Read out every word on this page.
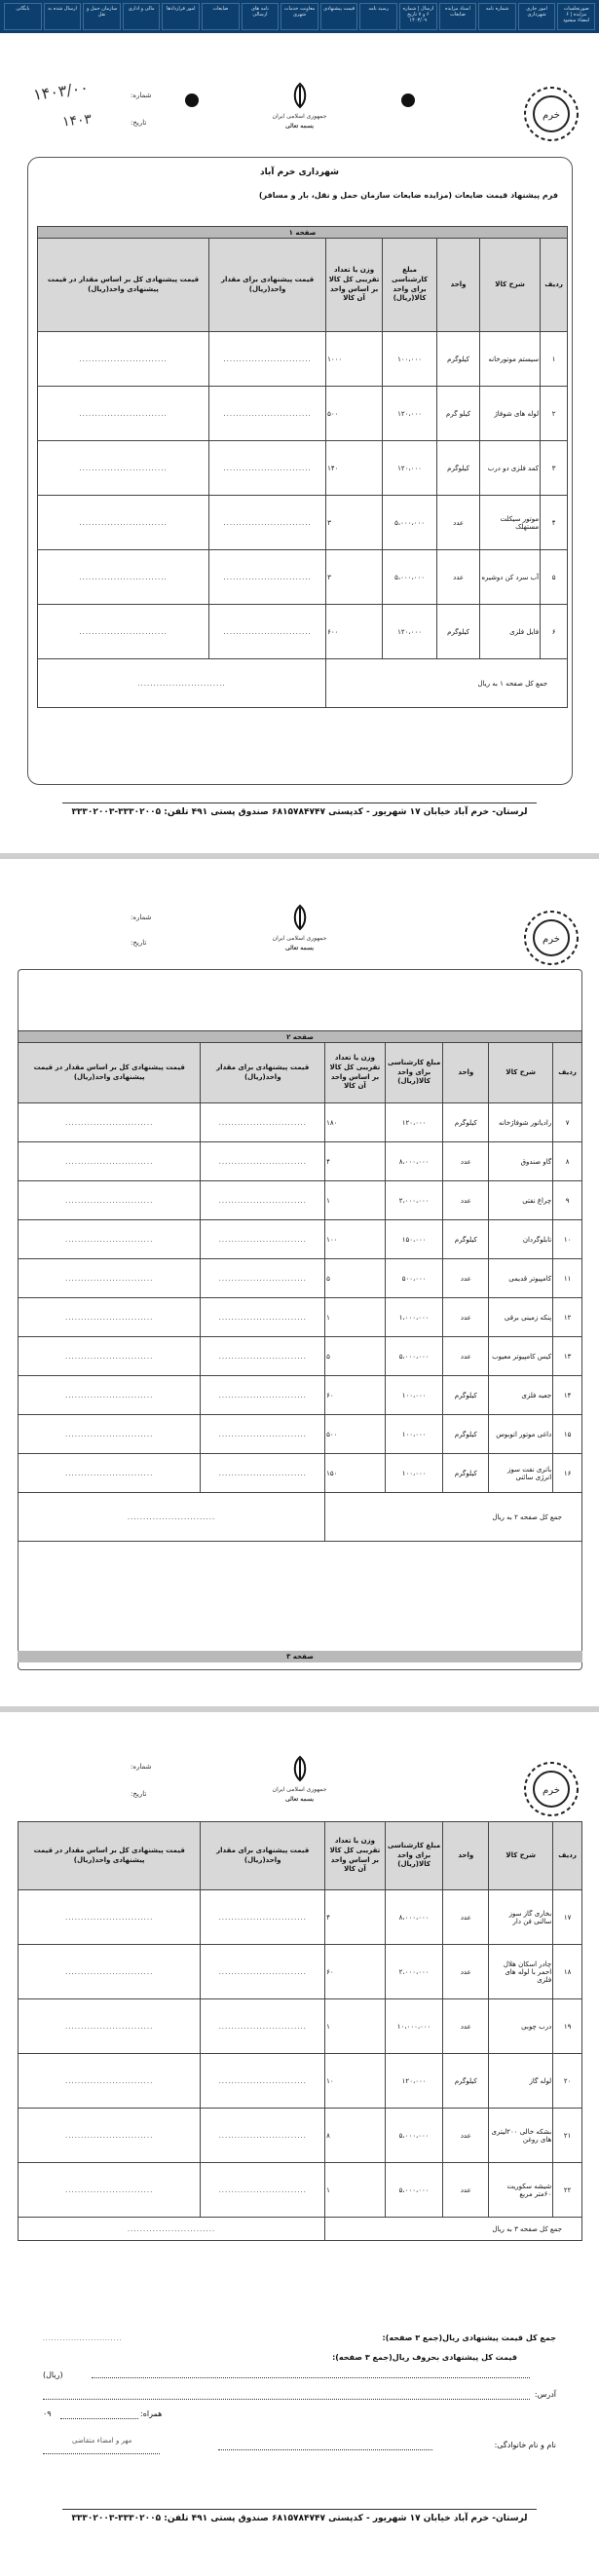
صورتجلسات مزایده | ۶ امضاء میشود
امور جاری شهرداری
شماره نامه
اسناد مزایده ضایعات
ارسال | شماره ۶ و ۷ تاریخ ۱۴۰۳/۰۹
رسید نامه
قیمت پیشنهادی
معاونت خدمات شهری
نامه های ارسالی
ضایعات
امور قراردادها
مالی و اداری
سازمان حمل و نقل
ارسال شده به
بایگانی
خرم
جمهوری اسلامی ایران
بسمه تعالی
شماره:
تاریخ:
۱۴۰۳/۰۰
۱۴۰۳
شهرداری خرم آباد
فرم پیشنهاد قیمت ضایعات (مزایده ضایعات سازمان حمل و نقل، بار و مسافر)
صفحه ۱						
ردیف	شرح کالا	واحد	مبلغ کارشناسی برای واحد کالا(ریال)	وزن یا تعداد تقریبی کل کالا بر اساس واحد آن کالا	قیمت پیشنهادی برای مقدار واحد(ریال)	قیمت پیشنهادی کل بر اساس مقدار در قیمت پیشنهادی واحد(ریال)
۱	سیستم موتورخانه	کیلوگرم	۱۰۰،۰۰۰	۱۰۰۰	............................	............................
۲	لوله های شوفاژ	کیلو گرم	۱۲۰،۰۰۰	۵۰۰	............................	............................
۳	کمد فلزی دو درب	کیلوگرم	۱۲۰،۰۰۰	۱۴۰	............................	............................
۴	موتور سیکلت مستهلک	عدد	۵،۰۰۰،۰۰۰	۳	............................	............................
۵	آب سرد کن دوشیره	عدد	۵،۰۰۰،۰۰۰	۳	............................	............................
۶	فایل فلزی	کیلوگرم	۱۲۰،۰۰۰	۶۰۰	............................	............................
جمع کل صفحه ۱ به ریال					............................	
لرستان- خرم آباد خیابان ۱۷ شهریور - کدپستی ۶۸۱۵۷۸۴۷۴۷ صندوق پستی ۴۹۱ تلفن: ۳۳۳۰۲۰۰۵-۳۳۳۰۲۰۰۳
خرم
جمهوری اسلامی ایران
بسمه تعالی
شماره:
تاریخ:
صفحه ۲						
ردیف	شرح کالا	واحد	مبلغ کارشناسی برای واحد کالا(ریال)	وزن یا تعداد تقریبی کل کالا بر اساس واحد آن کالا	قیمت پیشنهادی برای مقدار واحد(ریال)	قیمت پیشنهادی کل بر اساس مقدار در قیمت پیشنهادی واحد(ریال)
۷	رادیاتور شوفاژخانه	کیلوگرم	۱۲۰،۰۰۰	۱۸۰	............................	............................
۸	گاو صندوق	عدد	۸،۰۰۰،۰۰۰	۴	............................	............................
۹	چراغ نفتی	عدد	۲،۰۰۰،۰۰۰	۱	............................	............................
۱۰	تابلوگردان	کیلوگرم	۱۵۰،۰۰۰	۱۰۰	............................	............................
۱۱	کامپیوتر قدیمی	عدد	۵۰۰،۰۰۰	۵	............................	............................
۱۲	پنکه زمینی برقی	عدد	۱،۰۰۰،۰۰۰	۱	............................	............................
۱۳	کیس کامپیوتر معیوب	عدد	۵،۰۰۰،۰۰۰	۵	............................	............................
۱۴	جعبه فلزی	کیلوگرم	۱۰۰،۰۰۰	۶۰	............................	............................
۱۵	داغی موتور اتوبوس	کیلوگرم	۱۰۰،۰۰۰	۵۰۰	............................	............................
۱۶	باتری نفت سوز انرژی سائنی	کیلوگرم	۱۰۰،۰۰۰	۱۵۰	............................	............................
جمع کل صفحه ۲ به ریال					............................	
صفحه ۳
خرم
جمهوری اسلامی ایران
بسمه تعالی
شماره:
تاریخ:
ردیف	شرح کالا	واحد	مبلغ کارشناسی برای واحد کالا(ریال)	وزن یا تعداد تقریبی کل کالا بر اساس واحد آن کالا	قیمت پیشنهادی برای مقدار واحد(ریال)	قیمت پیشنهادی کل بر اساس مقدار در قیمت پیشنهادی واحد(ریال)
۱۷	بخاری گاز سوز سالنی فن دار	عدد	۸،۰۰۰،۰۰۰	۴	............................	............................
۱۸	چادر اسکان هلال احمر با لوله های فلزی	عدد	۲،۰۰۰،۰۰۰	۶۰	............................	............................
۱۹	درب چوبی	عدد	۱۰،۰۰۰،۰۰۰	۱	............................	............................
۲۰	لوله گاز	کیلوگرم	۱۲۰،۰۰۰	۱۰	............................	............................
۲۱	بشکه خالی ۲۰۰لیتری های روغن	عدد	۵،۰۰۰،۰۰۰	۸	............................	............................
۲۲	شیشه سکوریت ۶۰متر مربع	عدد	۵،۰۰۰،۰۰۰	۱	............................	............................
جمع کل صفحه ۳ به ریال					............................	
جمع کل قیمت پیشنهادی ریال(جمع ۳ صفحه):
............................
قیمت کل پیشنهادی بحروف ریال(جمع ۳ صفحه):
(ریال)
آدرس:
همراه:
۰۹
نام و نام خانوادگی:
مهر و امضاء متقاضی
لرستان- خرم آباد خیابان ۱۷ شهریور - کدپستی ۶۸۱۵۷۸۴۷۴۷ صندوق پستی ۴۹۱ تلفن: ۳۳۳۰۲۰۰۵-۳۳۳۰۲۰۰۳
